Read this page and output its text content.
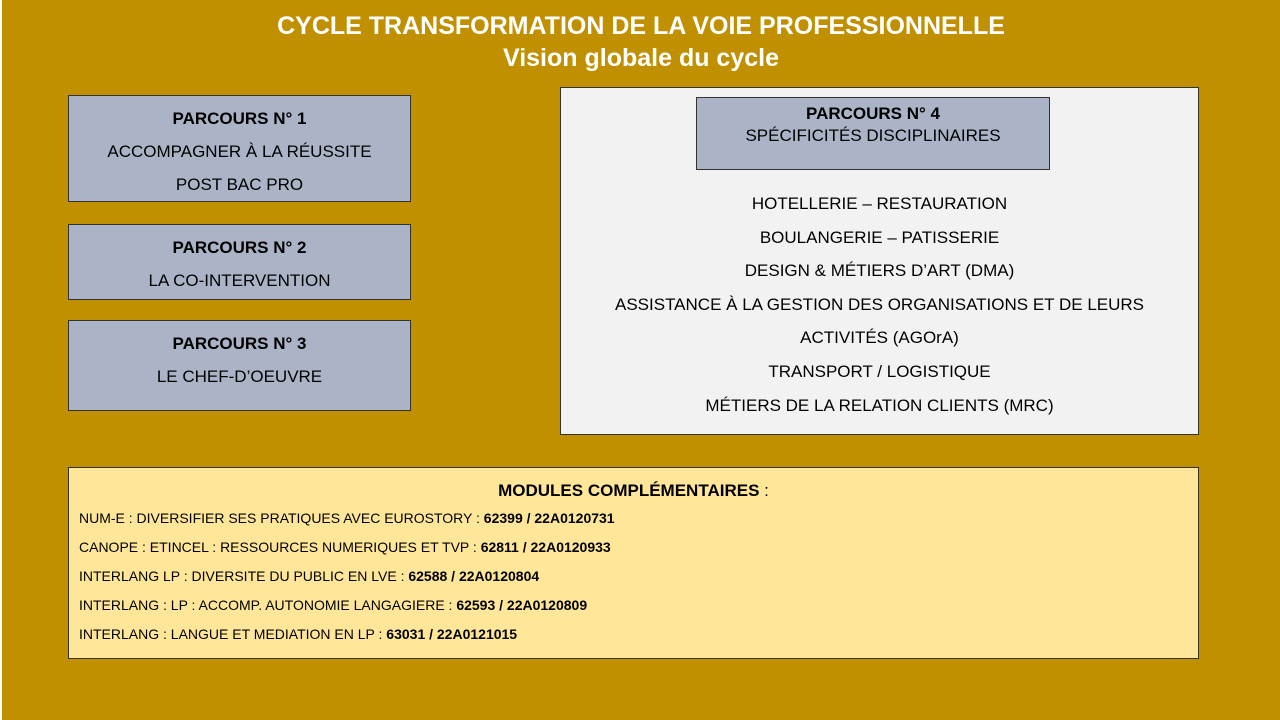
CYCLE TRANSFORMATION DE LA VOIE PROFESSIONNELLE
Vision globale du cycle
PARCOURS N° 1
ACCOMPAGNER À LA RÉUSSITE
POST BAC PRO
PARCOURS N° 2
LA CO-INTERVENTION
PARCOURS N° 3
LE CHEF-D’OEUVRE
PARCOURS N° 4
SPÉCIFICITÉS DISCIPLINAIRES
HOTELLERIE – RESTAURATION
BOULANGERIE – PATISSERIE
DESIGN & MÉTIERS D’ART (DMA)
ASSISTANCE À LA GESTION DES ORGANISATIONS ET DE LEURS
ACTIVITÉS (AGOrA)
TRANSPORT / LOGISTIQUE
MÉTIERS DE LA RELATION CLIENTS (MRC)
MODULES COMPLÉMENTAIRES :
NUM-E : DIVERSIFIER SES PRATIQUES AVEC EUROSTORY : 62399 / 22A0120731
CANOPE : ETINCEL : RESSOURCES NUMERIQUES ET TVP : 62811 / 22A0120933
INTERLANG LP : DIVERSITE DU PUBLIC EN LVE : 62588 / 22A0120804
INTERLANG : LP : ACCOMP. AUTONOMIE LANGAGIERE : 62593 / 22A0120809
INTERLANG : LANGUE ET MEDIATION EN LP : 63031 / 22A0121015
